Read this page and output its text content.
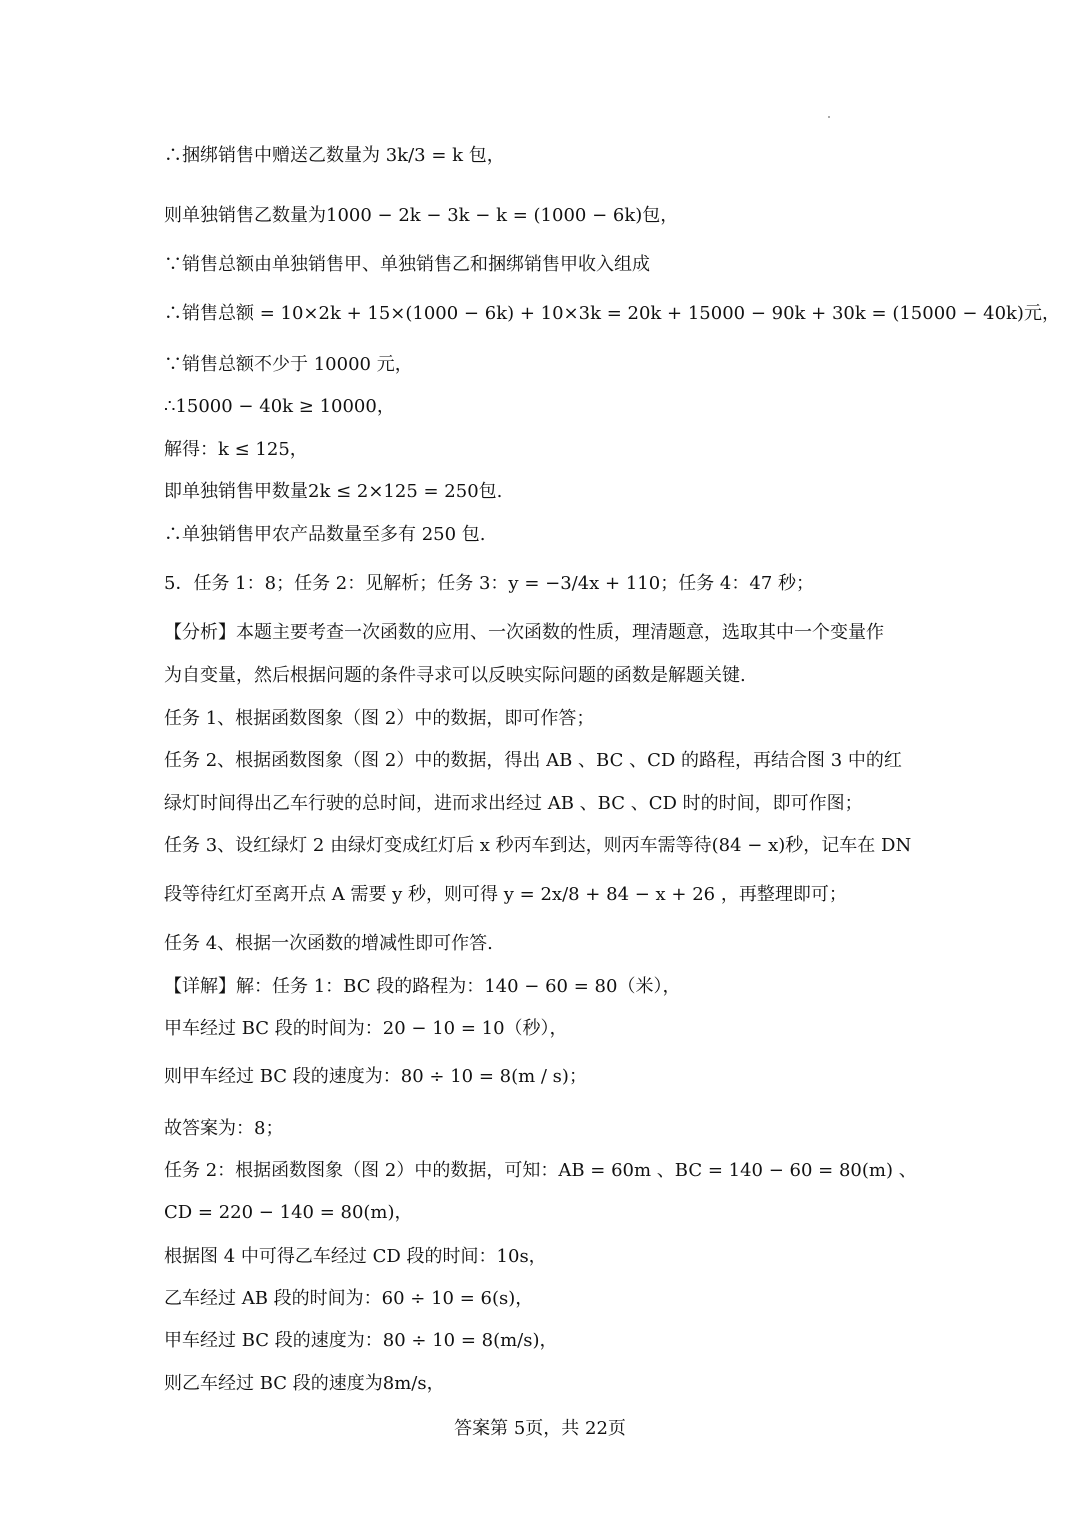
∴捆绑销售中赠送乙数量为 3k/3 = k 包，
则单独销售乙数量为1000 − 2k − 3k − k = (1000 − 6k)包，
∵销售总额由单独销售甲、单独销售乙和捆绑销售甲收入组成
∴销售总额 = 10×2k + 15×(1000 − 6k) + 10×3k = 20k + 15000 − 90k + 30k = (15000 − 40k)元，
∵销售总额不少于 10000 元，
∴15000 − 40k ≥ 10000，
解得：k ≤ 125，
即单独销售甲数量2k ≤ 2×125 = 250包.
∴单独销售甲农产品数量至多有 250 包.
5．任务 1：8；任务 2：见解析；任务 3：y = −3/4x + 110；任务 4：47 秒；
【分析】本题主要考查一次函数的应用、一次函数的性质，理清题意，选取其中一个变量作
为自变量，然后根据问题的条件寻求可以反映实际问题的函数是解题关键.
任务 1、根据函数图象（图 2）中的数据，即可作答；
任务 2、根据函数图象（图 2）中的数据，得出 AB 、BC 、CD 的路程，再结合图 3 中的红
绿灯时间得出乙车行驶的总时间，进而求出经过 AB 、BC 、CD 时的时间，即可作图；
任务 3、设红绿灯 2 由绿灯变成红灯后 x 秒丙车到达，则丙车需等待(84 − x)秒，记车在 DN
段等待红灯至离开点 A 需要 y 秒，则可得 y = 2x/8 + 84 − x + 26 ，再整理即可；
任务 4、根据一次函数的增减性即可作答.
【详解】解：任务 1：BC 段的路程为：140 − 60 = 80（米），
甲车经过 BC 段的时间为：20 − 10 = 10（秒），
则甲车经过 BC 段的速度为：80 ÷ 10 = 8(m / s)；
故答案为：8；
任务 2：根据函数图象（图 2）中的数据，可知：AB = 60m 、BC = 140 − 60 = 80(m) 、
CD = 220 − 140 = 80(m)，
根据图 4 中可得乙车经过 CD 段的时间：10s，
乙车经过 AB 段的时间为：60 ÷ 10 = 6(s)，
甲车经过 BC 段的速度为：80 ÷ 10 = 8(m/s)，
则乙车经过 BC 段的速度为8m/s，
答案第 5页，共 22页
